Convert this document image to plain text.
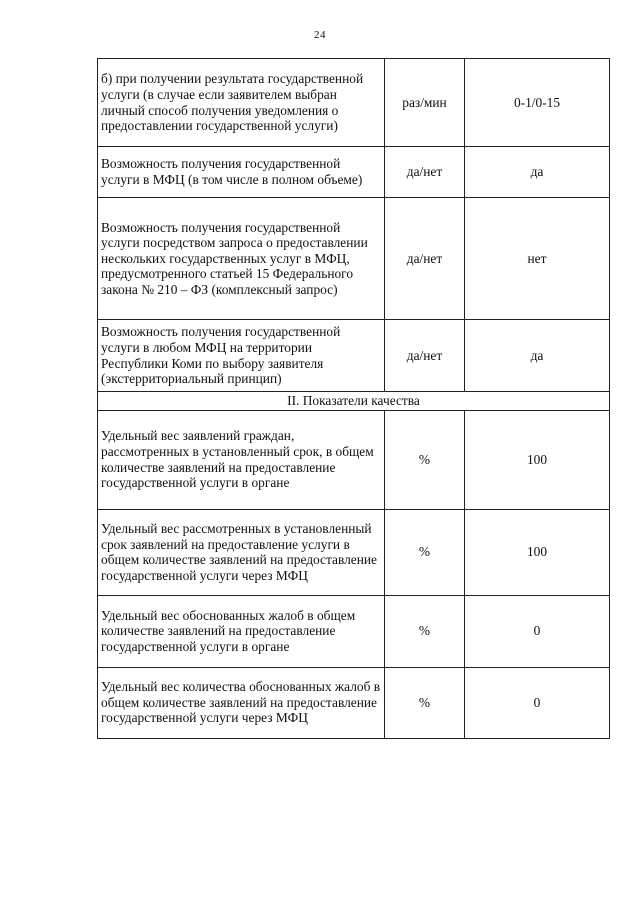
24
б) при получении результата государственной услуги (в случае если заявителем выбран личный способ получения уведомления о предоставлении государственной услуги)	раз/мин	0-1/0-15
Возможность получения государственной услуги в МФЦ (в том числе в полном объеме)	да/нет	да
Возможность получения государственной услуги посредством запроса о предоставлении нескольких государственных услуг в МФЦ, предусмотренного статьей 15 Федерального закона № 210 – ФЗ (комплексный запрос)	да/нет	нет
Возможность получения государственной услуги в любом МФЦ на территории Республики Коми по выбору заявителя (экстерриториальный принцип)	да/нет	да
II. Показатели качества		
Удельный вес заявлений граждан, рассмотренных в установленный срок, в общем количестве заявлений на предоставление государственной услуги в органе	%	100
Удельный вес рассмотренных в установленный срок заявлений на предоставление услуги в общем количестве заявлений на предоставление государственной услуги через МФЦ	%	100
Удельный вес обоснованных жалоб в общем количестве заявлений на предоставление государственной услуги в органе	%	0
Удельный вес количества обоснованных жалоб в общем количестве заявлений на предоставление государственной услуги через МФЦ	%	0
